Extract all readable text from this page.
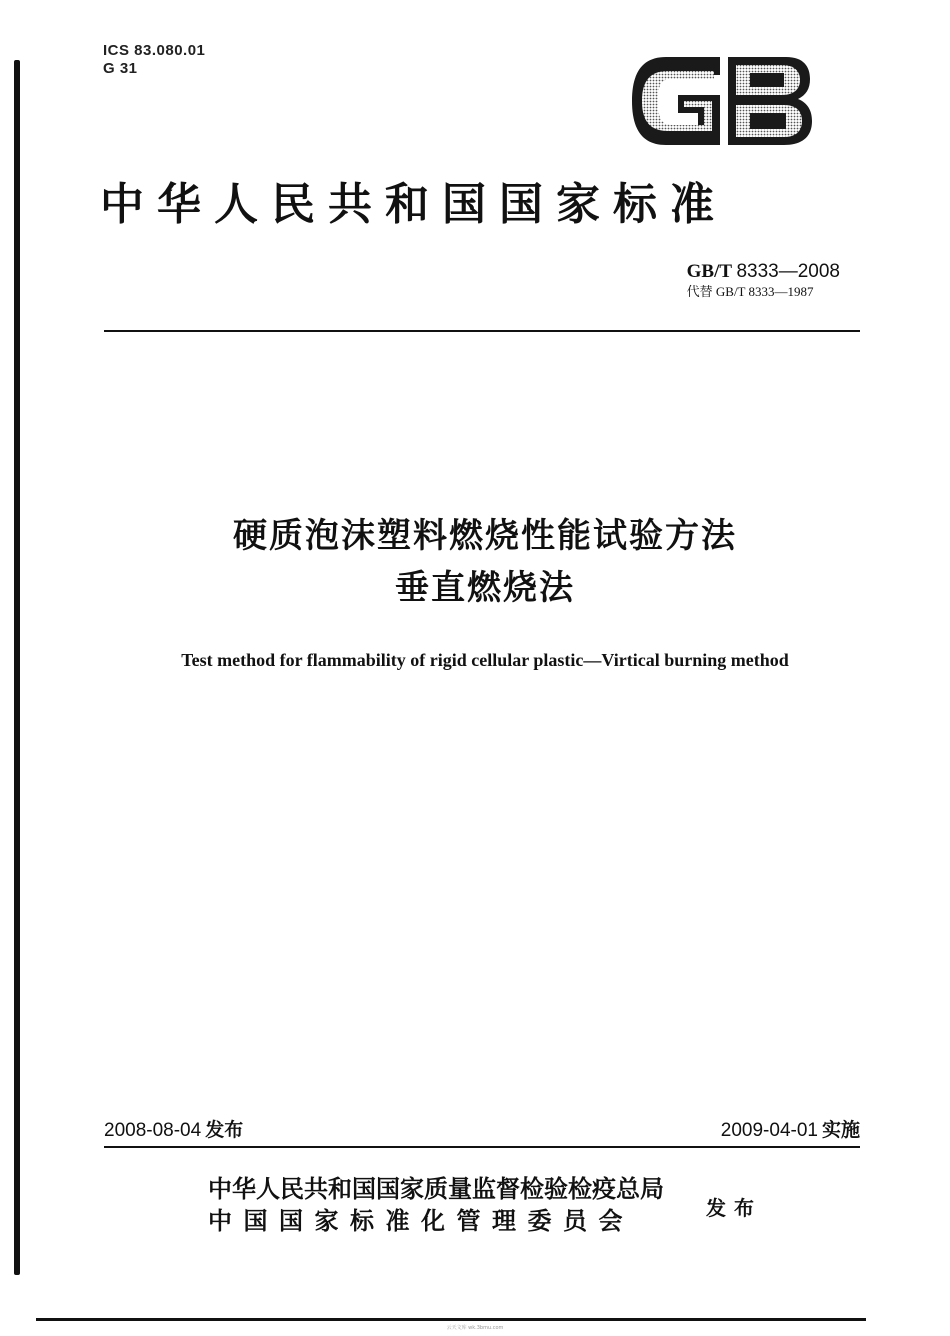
ICS 83.080.01
G 31
中华人民共和国国家标准
GB/T 8333—2008
代替 GB/T 8333—1987
硬质泡沫塑料燃烧性能试验方法
垂直燃烧法
Test method for flammability of rigid cellular plastic—Virtical burning method
2008-08-04 发布	2009-04-01 实施
中华人民共和国国家质量监督检验检疫总局
中国国家标准化管理委员会	发布
云天文库 wk.3bmu.com
